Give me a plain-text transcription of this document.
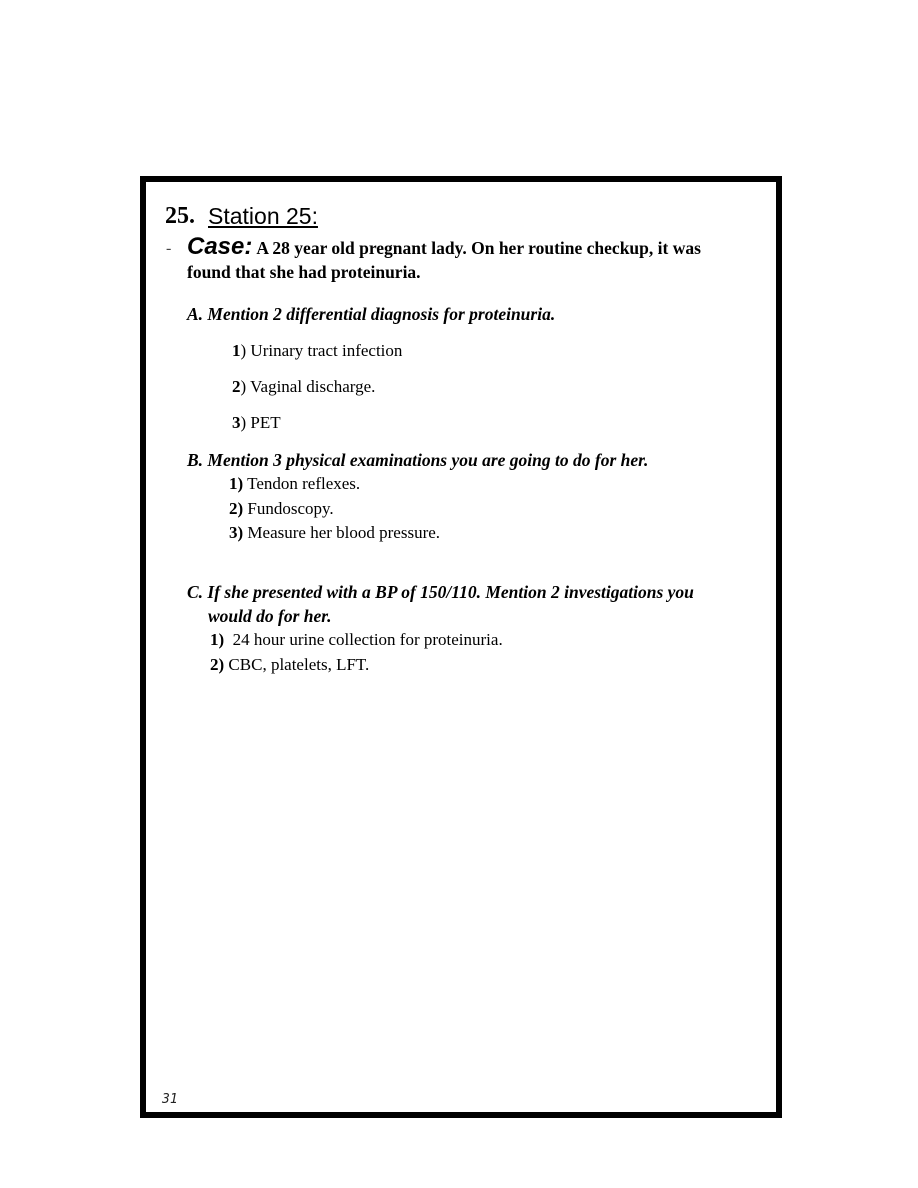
25. Station 25:
- Case: A 28 year old pregnant lady. On her routine checkup, it was
found that she had proteinuria.
A. Mention 2 differential diagnosis for proteinuria.
1) Urinary tract infection
2) Vaginal discharge.
3) PET
B. Mention 3 physical examinations you are going to do for her.
1) Tendon reflexes.
2) Fundoscopy.
3) Measure her blood pressure.
C. If she presented with a BP of 150/110. Mention 2 investigations you
would do for her.
1) 24 hour urine collection for proteinuria.
2) CBC, platelets, LFT.
31
